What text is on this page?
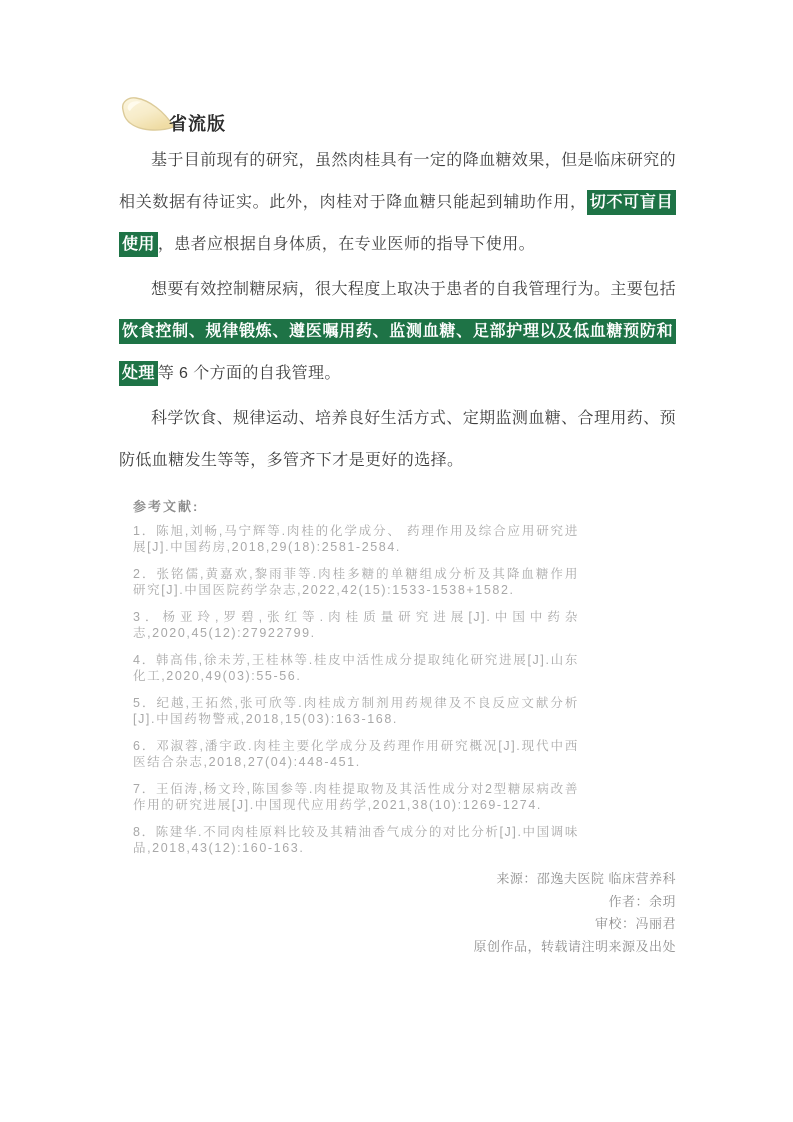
省流版

基于目前现有的研究，虽然肉桂具有一定的降血糖效果，但是临床研究的相关数据有待证实。此外，肉桂对于降血糖只能起到辅助作用， 切不可盲目使用 ，患者应根据自身体质，在专业医师的指导下使用。

想要有效控制糖尿病，很大程度上取决于患者的自我管理行为。主要包括饮食控制、规律锻炼、遵医嘱用药、监测血糖、足部护理以及低血糖预防和处理 等 6 个方面的自我管理。

科学饮食、规律运动、培养良好生活方式、定期监测血糖、合理用药、预防低血糖发生等等，多管齐下才是更好的选择。

参考文献:
1．陈旭,刘畅,马宁辉等.肉桂的化学成分、 药理作用及综合应用研究进展[J].中国药房,2018,29(18):2581-2584.
2．张铭儒,黄嘉欢,黎雨菲等.肉桂多糖的单糖组成分析及其降血糖作用研究[J].中国医院药学杂志,2022,42(15):1533-1538+1582.
3．杨亚玲,罗碧,张红等.肉桂质量研究进展[J].中国中药杂志,2020,45(12):27922799.
4．韩高伟,徐未芳,王桂林等.桂皮中活性成分提取纯化研究进展[J].山东化工,2020,49(03):55-56.
5．纪越,王拓然,张可欣等.肉桂成方制剂用药规律及不良反应文献分析[J].中国药物警戒,2018,15(03):163-168.
6．邓淑蓉,潘宇政.肉桂主要化学成分及药理作用研究概况[J].现代中西医结合杂志,2018,27(04):448-451.
7．王佰涛,杨文玲,陈国参等.肉桂提取物及其活性成分对2型糖尿病改善作用的研究进展[J].中国现代应用药学,2021,38(10):1269-1274.
8．陈建华.不同肉桂原料比较及其精油香气成分的对比分析[J].中国调味品,2018,43(12):160-163.
来源：邵逸夫医院 临床营养科
作者：余玥
审校：冯丽君
原创作品，转载请注明来源及出处
